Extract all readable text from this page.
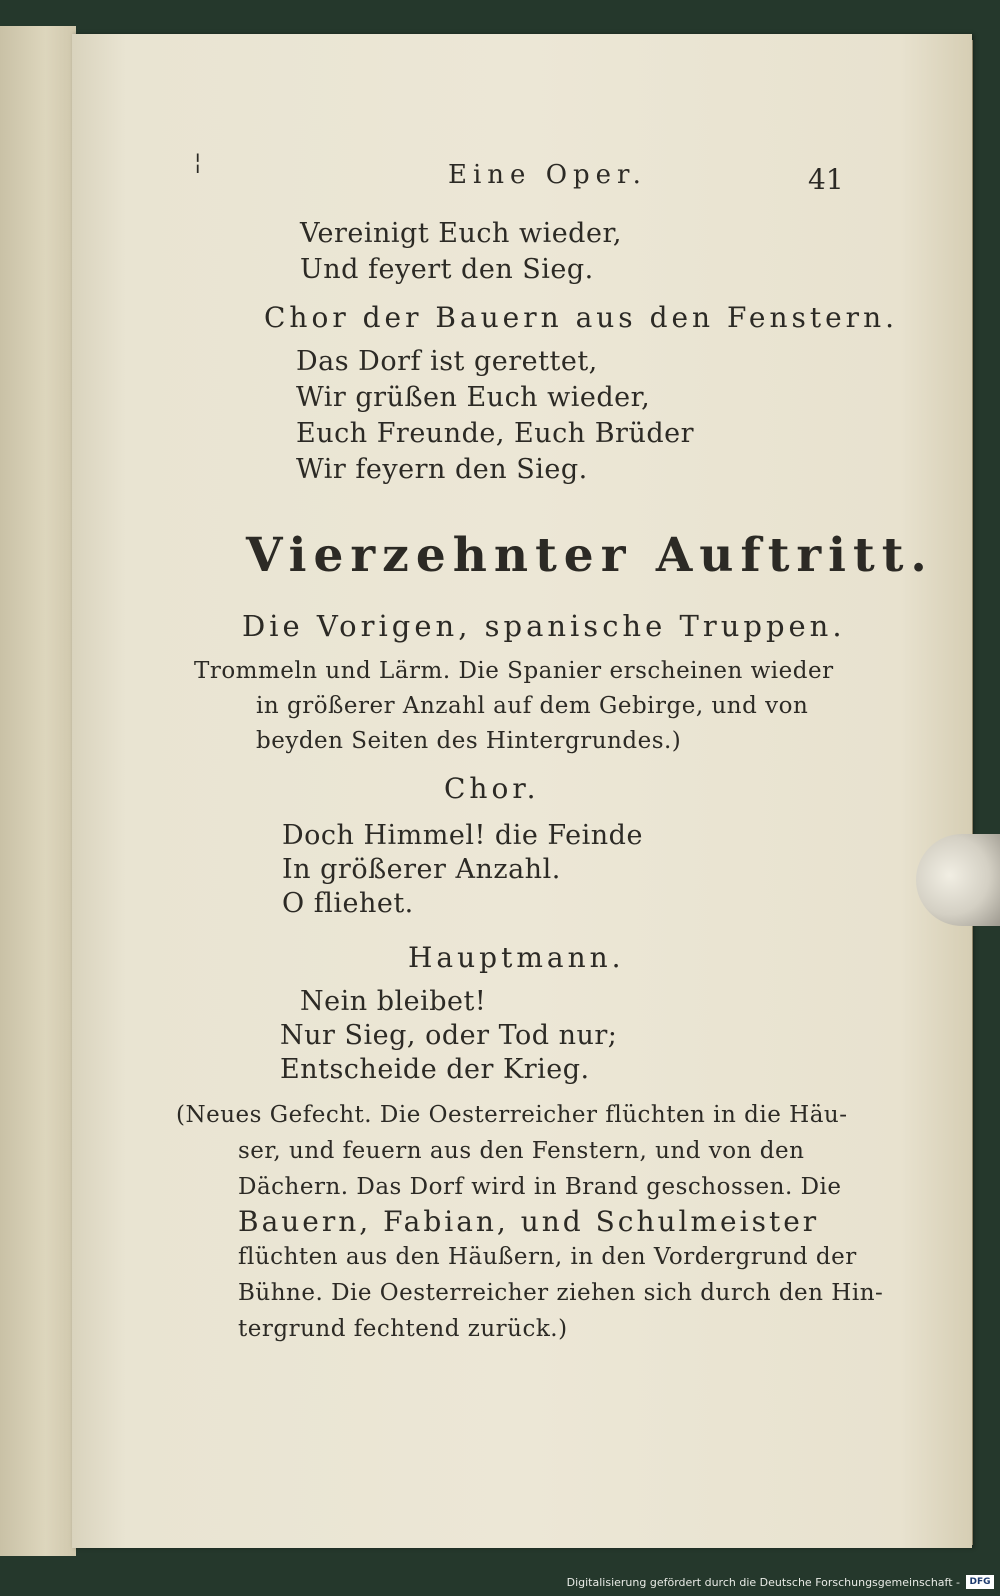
¦	Eine Oper.	41
Vereinigt Euch wieder,
Und feyert den Sieg.
Chor der Bauern aus den Fenstern.
Das Dorf ist gerettet,
Wir grüßen Euch wieder,
Euch Freunde, Euch Brüder
Wir feyern den Sieg.
Vierzehnter Auftritt.
Die Vorigen, spanische Truppen.
Trommeln und Lärm. Die Spanier erscheinen wieder
in größerer Anzahl auf dem Gebirge, und von
beyden Seiten des Hintergrundes.)
Chor.
Doch Himmel! die Feinde
In größerer Anzahl.
O fliehet.
Hauptmann.
Nein bleibet!
Nur Sieg, oder Tod nur;
Entscheide der Krieg.
(Neues Gefecht. Die Oesterreicher flüchten in die Häu-
ser, und feuern aus den Fenstern, und von den
Dächern. Das Dorf wird in Brand geschossen. Die
Bauern, Fabian, und Schulmeister
flüchten aus den Häußern, in den Vordergrund der
Bühne. Die Oesterreicher ziehen sich durch den Hin-
tergrund fechtend zurück.)
Digitalisierung gefördert durch die Deutsche Forschungsgemeinschaft -	DFG
